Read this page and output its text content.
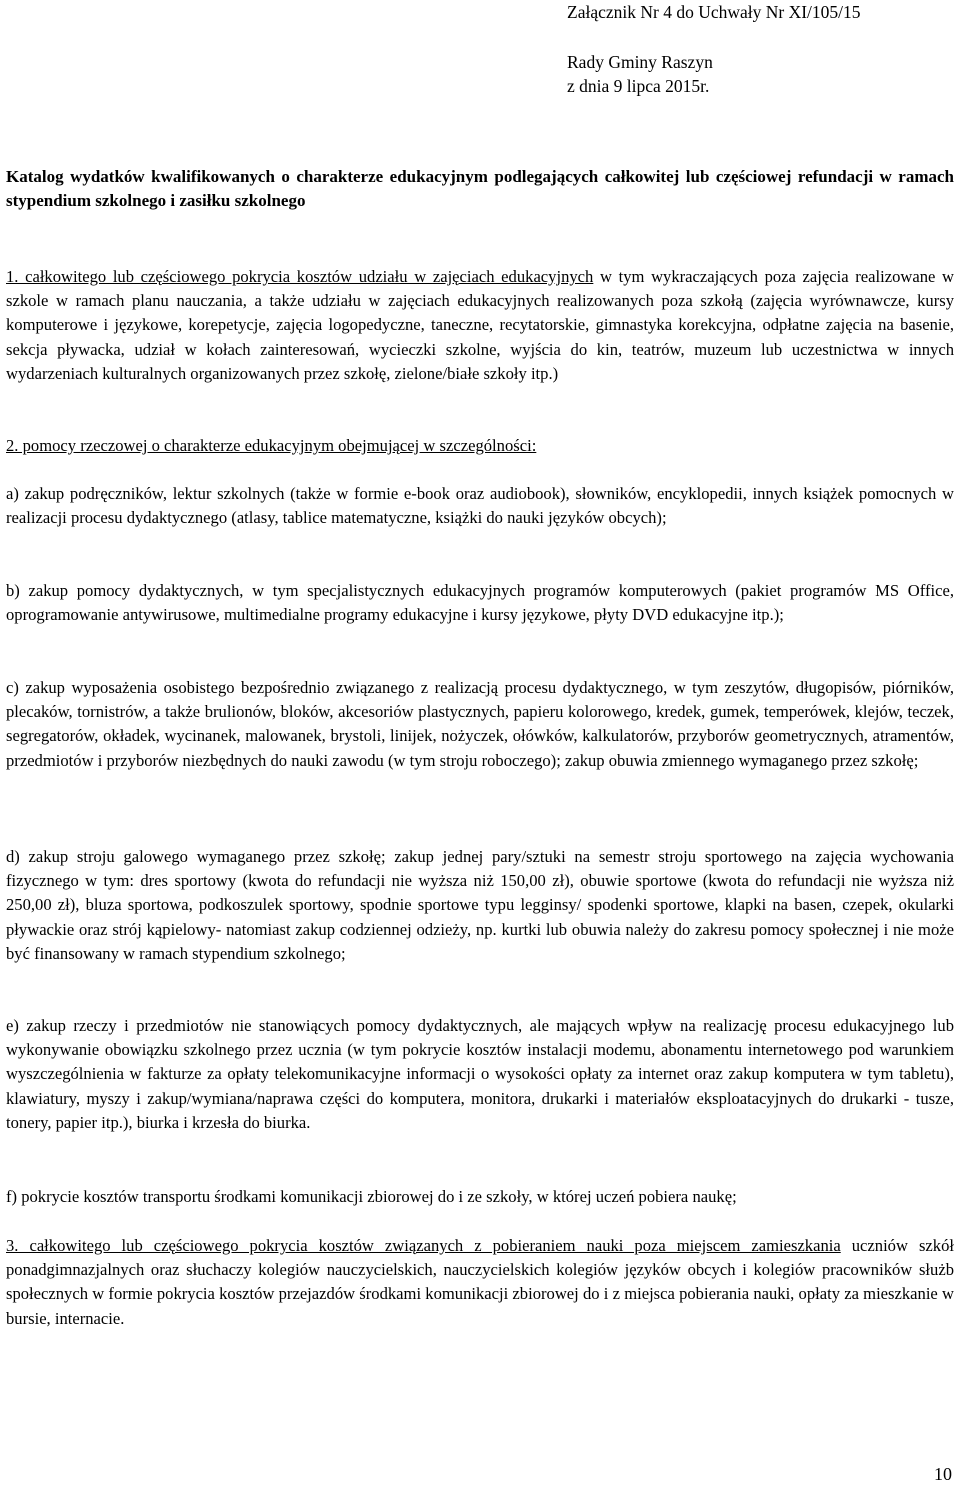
Załącznik Nr 4 do Uchwały Nr XI/105/15
Rady Gminy Raszyn
z dnia 9 lipca 2015r.
Katalog wydatków kwalifikowanych o charakterze edukacyjnym podlegających całkowitej lub częściowej refundacji w ramach stypendium szkolnego i zasiłku szkolnego

1. całkowitego lub częściowego pokrycia kosztów udziału w zajęciach edukacyjnych w tym wykraczających poza zajęcia realizowane w szkole w ramach planu nauczania, a także udziału w zajęciach edukacyjnych realizowanych poza szkołą (zajęcia wyrównawcze, kursy komputerowe i językowe, korepetycje, zajęcia logopedyczne, taneczne, recytatorskie, gimnastyka korekcyjna, odpłatne zajęcia na basenie, sekcja pływacka, udział w kołach zainteresowań, wycieczki szkolne, wyjścia do kin, teatrów, muzeum lub uczestnictwa w innych wydarzeniach kulturalnych organizowanych przez szkołę, zielone/białe szkoły itp.)

2. pomocy rzeczowej o charakterze edukacyjnym obejmującej w szczególności:

a) zakup podręczników, lektur szkolnych (także w formie e-book oraz audiobook), słowników, encyklopedii, innych książek pomocnych w realizacji procesu dydaktycznego (atlasy, tablice matematyczne, książki do nauki języków obcych);

b) zakup pomocy dydaktycznych, w tym specjalistycznych edukacyjnych programów komputerowych (pakiet programów MS Office, oprogramowanie antywirusowe, multimedialne programy edukacyjne i kursy językowe, płyty DVD edukacyjne itp.);

c) zakup wyposażenia osobistego bezpośrednio związanego z realizacją procesu dydaktycznego, w tym zeszytów, długopisów, piórników, plecaków, tornistrów, a także brulionów, bloków, akcesoriów plastycznych, papieru kolorowego, kredek, gumek, temperówek, klejów, teczek, segregatorów, okładek, wycinanek, malowanek, brystoli, linijek, nożyczek, ołówków, kalkulatorów, przyborów geometrycznych, atramentów, przedmiotów i przyborów niezbędnych do nauki zawodu (w tym stroju roboczego); zakup obuwia zmiennego wymaganego przez szkołę;

d) zakup stroju galowego wymaganego przez szkołę; zakup jednej pary/sztuki na semestr stroju sportowego na zajęcia wychowania fizycznego w tym: dres sportowy (kwota do refundacji nie wyższa niż 150,00 zł), obuwie sportowe (kwota do refundacji nie wyższa niż 250,00 zł), bluza sportowa, podkoszulek sportowy, spodnie sportowe typu legginsy/ spodenki sportowe, klapki na basen, czepek, okularki pływackie oraz strój kąpielowy- natomiast zakup codziennej odzieży, np. kurtki lub obuwia należy do zakresu pomocy społecznej i nie może być finansowany w ramach stypendium szkolnego;

e) zakup rzeczy i przedmiotów nie stanowiących pomocy dydaktycznych, ale mających wpływ na realizację procesu edukacyjnego lub wykonywanie obowiązku szkolnego przez ucznia (w tym pokrycie kosztów instalacji modemu, abonamentu internetowego pod warunkiem wyszczególnienia w fakturze za opłaty telekomunikacyjne informacji o wysokości opłaty za internet oraz zakup komputera w tym tabletu), klawiatury, myszy i zakup/wymiana/naprawa części do komputera, monitora, drukarki i materiałów eksploatacyjnych do drukarki - tusze, tonery, papier itp.), biurka i krzesła do biurka.

f) pokrycie kosztów transportu środkami komunikacji zbiorowej do i ze szkoły, w której uczeń pobiera naukę;

3. całkowitego lub częściowego pokrycia kosztów związanych z pobieraniem nauki poza miejscem zamieszkania uczniów szkół ponadgimnazjalnych oraz słuchaczy kolegiów nauczycielskich, nauczycielskich kolegiów języków obcych i kolegiów pracowników służb społecznych w formie pokrycia kosztów przejazdów środkami komunikacji zbiorowej do i z miejsca pobierania nauki, opłaty za mieszkanie w bursie, internacie.

10
